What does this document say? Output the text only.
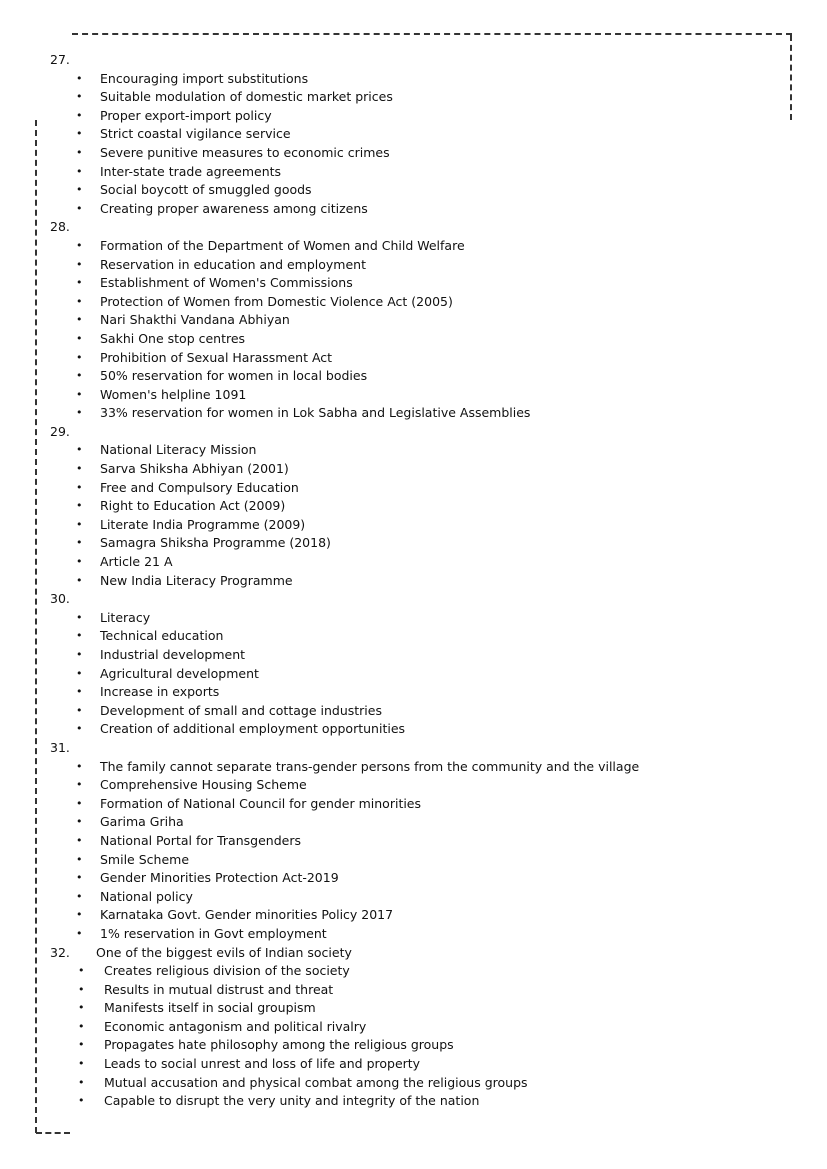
27.
• Encouraging import substitutions
• Suitable modulation of domestic market prices
• Proper export-import policy
• Strict coastal vigilance service
• Severe punitive measures to economic crimes
• Inter-state trade agreements
• Social boycott of smuggled goods
• Creating proper awareness among citizens
28.
• Formation of the Department of Women and Child Welfare
• Reservation in education and employment
• Establishment of Women's Commissions
• Protection of Women from Domestic Violence Act (2005)
• Nari Shakthi Vandana Abhiyan
• Sakhi One stop centres
• Prohibition of Sexual Harassment Act
• 50% reservation for women in local bodies
• Women's helpline 1091
• 33% reservation for women in Lok Sabha and Legislative Assemblies
29.
• National Literacy Mission
• Sarva Shiksha Abhiyan (2001)
• Free and Compulsory Education
• Right to Education Act (2009)
• Literate India Programme (2009)
• Samagra Shiksha Programme (2018)
• Article 21 A
• New India Literacy Programme
30.
• Literacy
• Technical education
• Industrial development
• Agricultural development
• Increase in exports
• Development of small and cottage industries
• Creation of additional employment opportunities
31.
• The family cannot separate trans-gender persons from the community and the village
• Comprehensive Housing Scheme
• Formation of National Council for gender minorities
• Garima Griha
• National Portal for Transgenders
• Smile Scheme
• Gender Minorities Protection Act-2019
• National policy
• Karnataka Govt. Gender minorities Policy 2017
• 1% reservation in Govt employment
32. One of the biggest evils of Indian society
• Creates religious division of the society
• Results in mutual distrust and threat
• Manifests itself in social groupism
• Economic antagonism and political rivalry
• Propagates hate philosophy among the religious groups
• Leads to social unrest and loss of life and property
• Mutual accusation and physical combat among the religious groups
• Capable to disrupt the very unity and integrity of the nation
